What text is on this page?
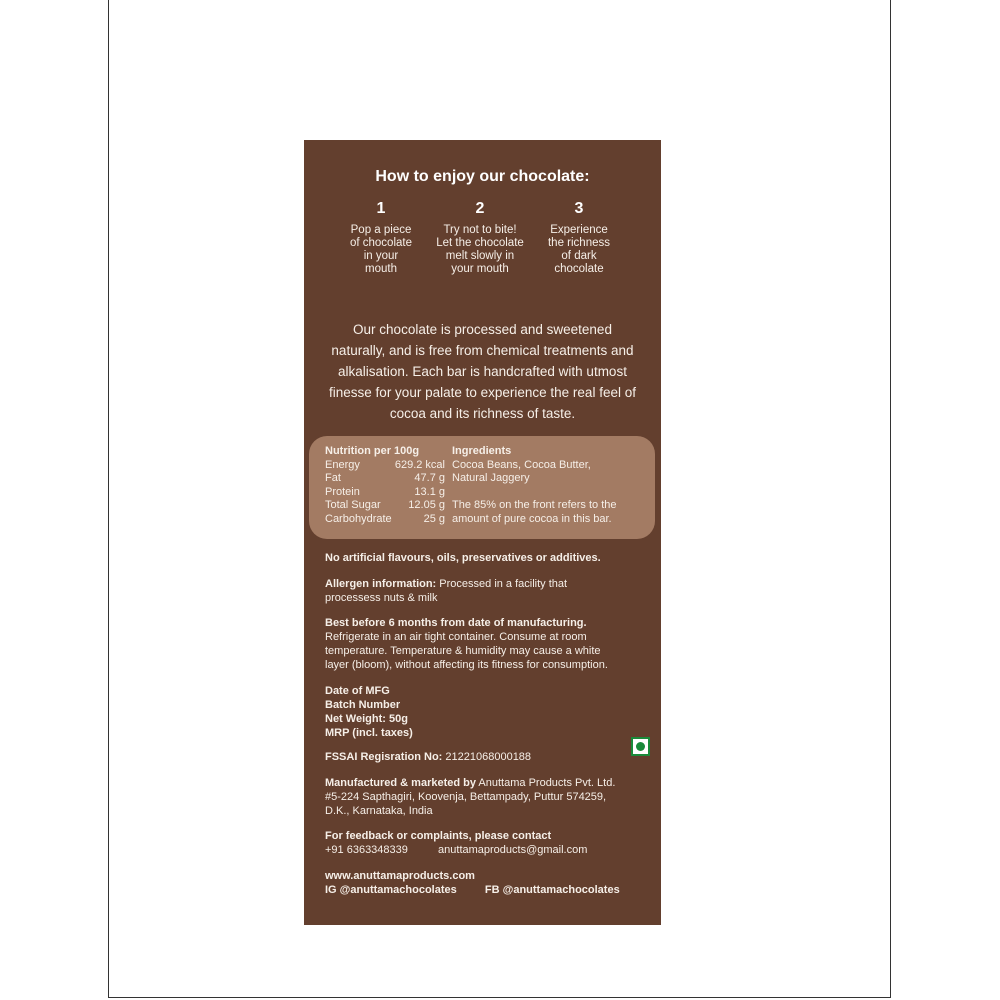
How to enjoy our chocolate:
1
Pop a piece
of chocolate
in your
mouth
2
Try not to bite!
Let the chocolate
melt slowly in
your mouth
3
Experience
the richness
of dark
chocolate
Our chocolate is processed and sweetened
naturally, and is free from chemical treatments and
alkalisation. Each bar is handcrafted with utmost
finesse for your palate to experience the real feel of
cocoa and its richness of taste.
Nutrition per 100g
Energy	629.2 kcal
Fat	47.7 g
Protein	13.1 g
Total Sugar	12.05 g
Carbohydrate	25 g
Ingredients
Cocoa Beans, Cocoa Butter,
Natural Jaggery
The 85% on the front refers to the
amount of pure cocoa in this bar.
No artificial flavours, oils, preservatives or additives.
Allergen information: Processed in a facility that
processess nuts & milk
Best before 6 months from date of manufacturing.
Refrigerate in an air tight container. Consume at room
temperature. Temperature & humidity may cause a white
layer (bloom), without affecting its fitness for consumption.
Date of MFG
Batch Number
Net Weight: 50g
MRP (incl. taxes)
FSSAI Regisration No: 21221068000188
Manufactured & marketed by Anuttama Products Pvt. Ltd.
#5-224 Sapthagiri, Koovenja, Bettampady, Puttur 574259,
D.K., Karnataka, India
For feedback or complaints, please contact
+91 6363348339	anuttamaproducts@gmail.com
www.anuttamaproducts.com
IG @anuttamachocolates	FB @anuttamachocolates
